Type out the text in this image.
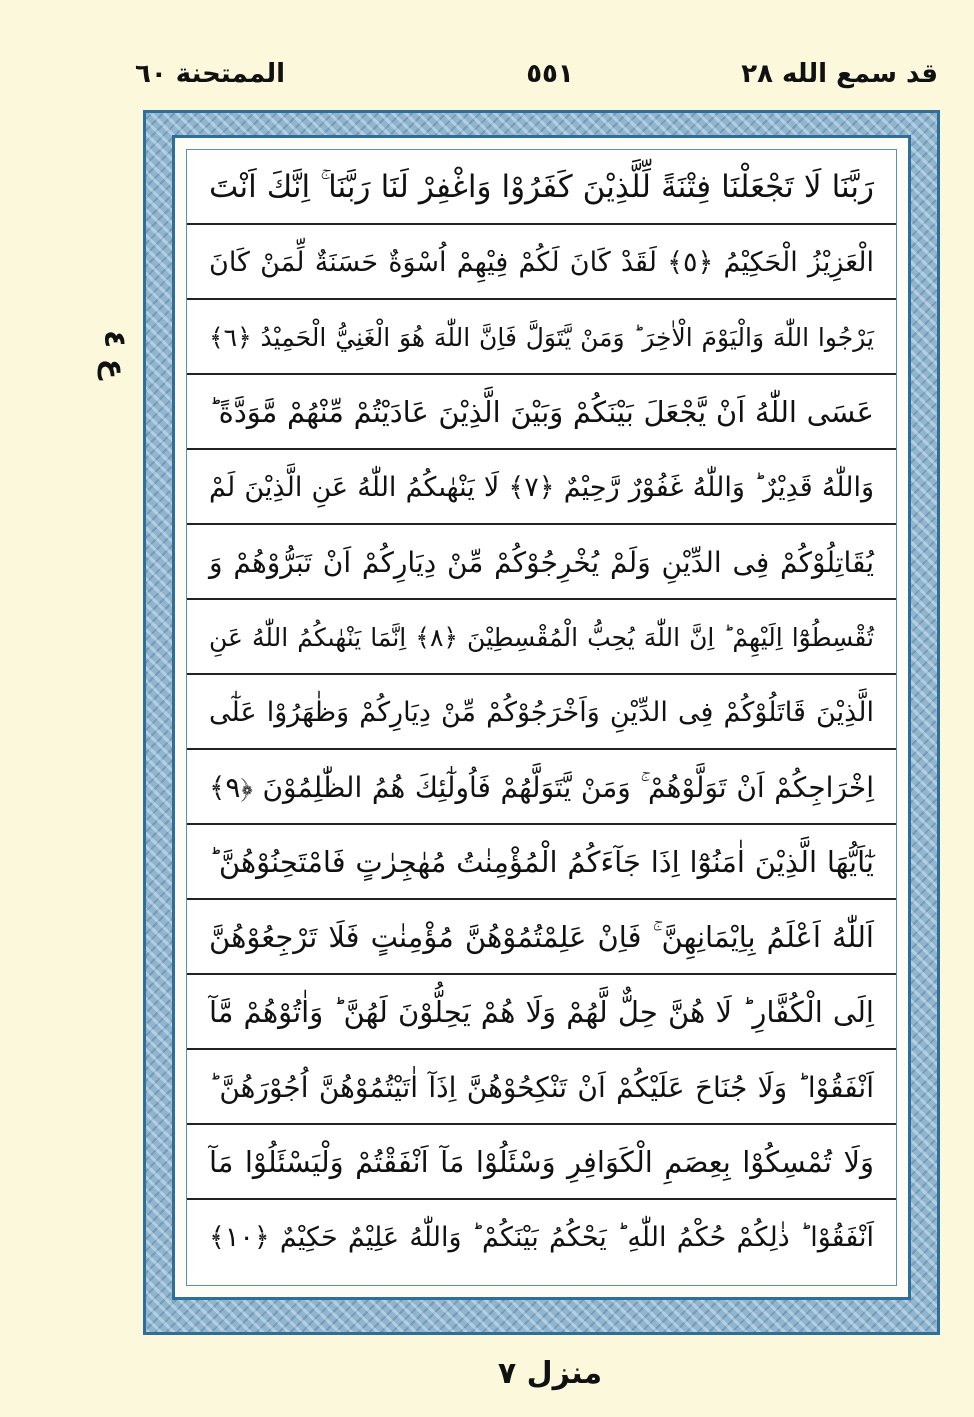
الممتحنة ٦٠	٥٥١	قد سمع الله ٢٨
ع ٤
رَبَّنَا لَا تَجْعَلْنَا فِتْنَةً لِّلَّذِيْنَ كَفَرُوْا وَاغْفِرْ لَنَا رَبَّنَا ۚ اِنَّكَ اَنْتَ
الْعَزِيْزُ الْحَكِيْمُ ﴿٥﴾ لَقَدْ كَانَ لَكُمْ فِيْهِمْ اُسْوَةٌ حَسَنَةٌ لِّمَنْ كَانَ
يَرْجُوا اللّٰهَ وَالْيَوْمَ الْاٰخِرَ ؕ وَمَنْ يَّتَوَلَّ فَاِنَّ اللّٰهَ هُوَ الْغَنِيُّ الْحَمِيْدُ ﴿٦﴾
عَسَى اللّٰهُ اَنْ يَّجْعَلَ بَيْنَكُمْ وَبَيْنَ الَّذِيْنَ عَادَيْتُمْ مِّنْهُمْ مَّوَدَّةً ؕ
وَاللّٰهُ قَدِيْرٌ ؕ وَاللّٰهُ غَفُوْرٌ رَّحِيْمٌ ﴿٧﴾ لَا يَنْهٰىكُمُ اللّٰهُ عَنِ الَّذِيْنَ لَمْ
يُقَاتِلُوْكُمْ فِى الدِّيْنِ وَلَمْ يُخْرِجُوْكُمْ مِّنْ دِيَارِكُمْ اَنْ تَبَرُّوْهُمْ وَ
تُقْسِطُوْٓا اِلَيْهِمْ ؕ اِنَّ اللّٰهَ يُحِبُّ الْمُقْسِطِيْنَ ﴿٨﴾ اِنَّمَا يَنْهٰىكُمُ اللّٰهُ عَنِ
الَّذِيْنَ قَاتَلُوْكُمْ فِى الدِّيْنِ وَاَخْرَجُوْكُمْ مِّنْ دِيَارِكُمْ وَظٰهَرُوْا عَلٰٓى
اِخْرَاجِكُمْ اَنْ تَوَلَّوْهُمْ ۚ وَمَنْ يَّتَوَلَّهُمْ فَاُولٰٓئِكَ هُمُ الظّٰلِمُوْنَ ﴿٩﴾
يٰٓاَيُّهَا الَّذِيْنَ اٰمَنُوْٓا اِذَا جَآءَكُمُ الْمُؤْمِنٰتُ مُهٰجِرٰتٍ فَامْتَحِنُوْهُنَّ ؕ
اَللّٰهُ اَعْلَمُ بِاِيْمَانِهِنَّ ۚ فَاِنْ عَلِمْتُمُوْهُنَّ مُؤْمِنٰتٍ فَلَا تَرْجِعُوْهُنَّ
اِلَى الْكُفَّارِ ؕ لَا هُنَّ حِلٌّ لَّهُمْ وَلَا هُمْ يَحِلُّوْنَ لَهُنَّ ؕ وَاٰتُوْهُمْ مَّآ
اَنْفَقُوْا ؕ وَلَا جُنَاحَ عَلَيْكُمْ اَنْ تَنْكِحُوْهُنَّ اِذَآ اٰتَيْتُمُوْهُنَّ اُجُوْرَهُنَّ ؕ
وَلَا تُمْسِكُوْا بِعِصَمِ الْكَوَافِرِ وَسْئَلُوْا مَآ اَنْفَقْتُمْ وَلْيَسْئَلُوْا مَآ
اَنْفَقُوْا ؕ ذٰلِكُمْ حُكْمُ اللّٰهِ ؕ يَحْكُمُ بَيْنَكُمْ ؕ وَاللّٰهُ عَلِيْمٌ حَكِيْمٌ ﴿١٠﴾
منزل ٧
